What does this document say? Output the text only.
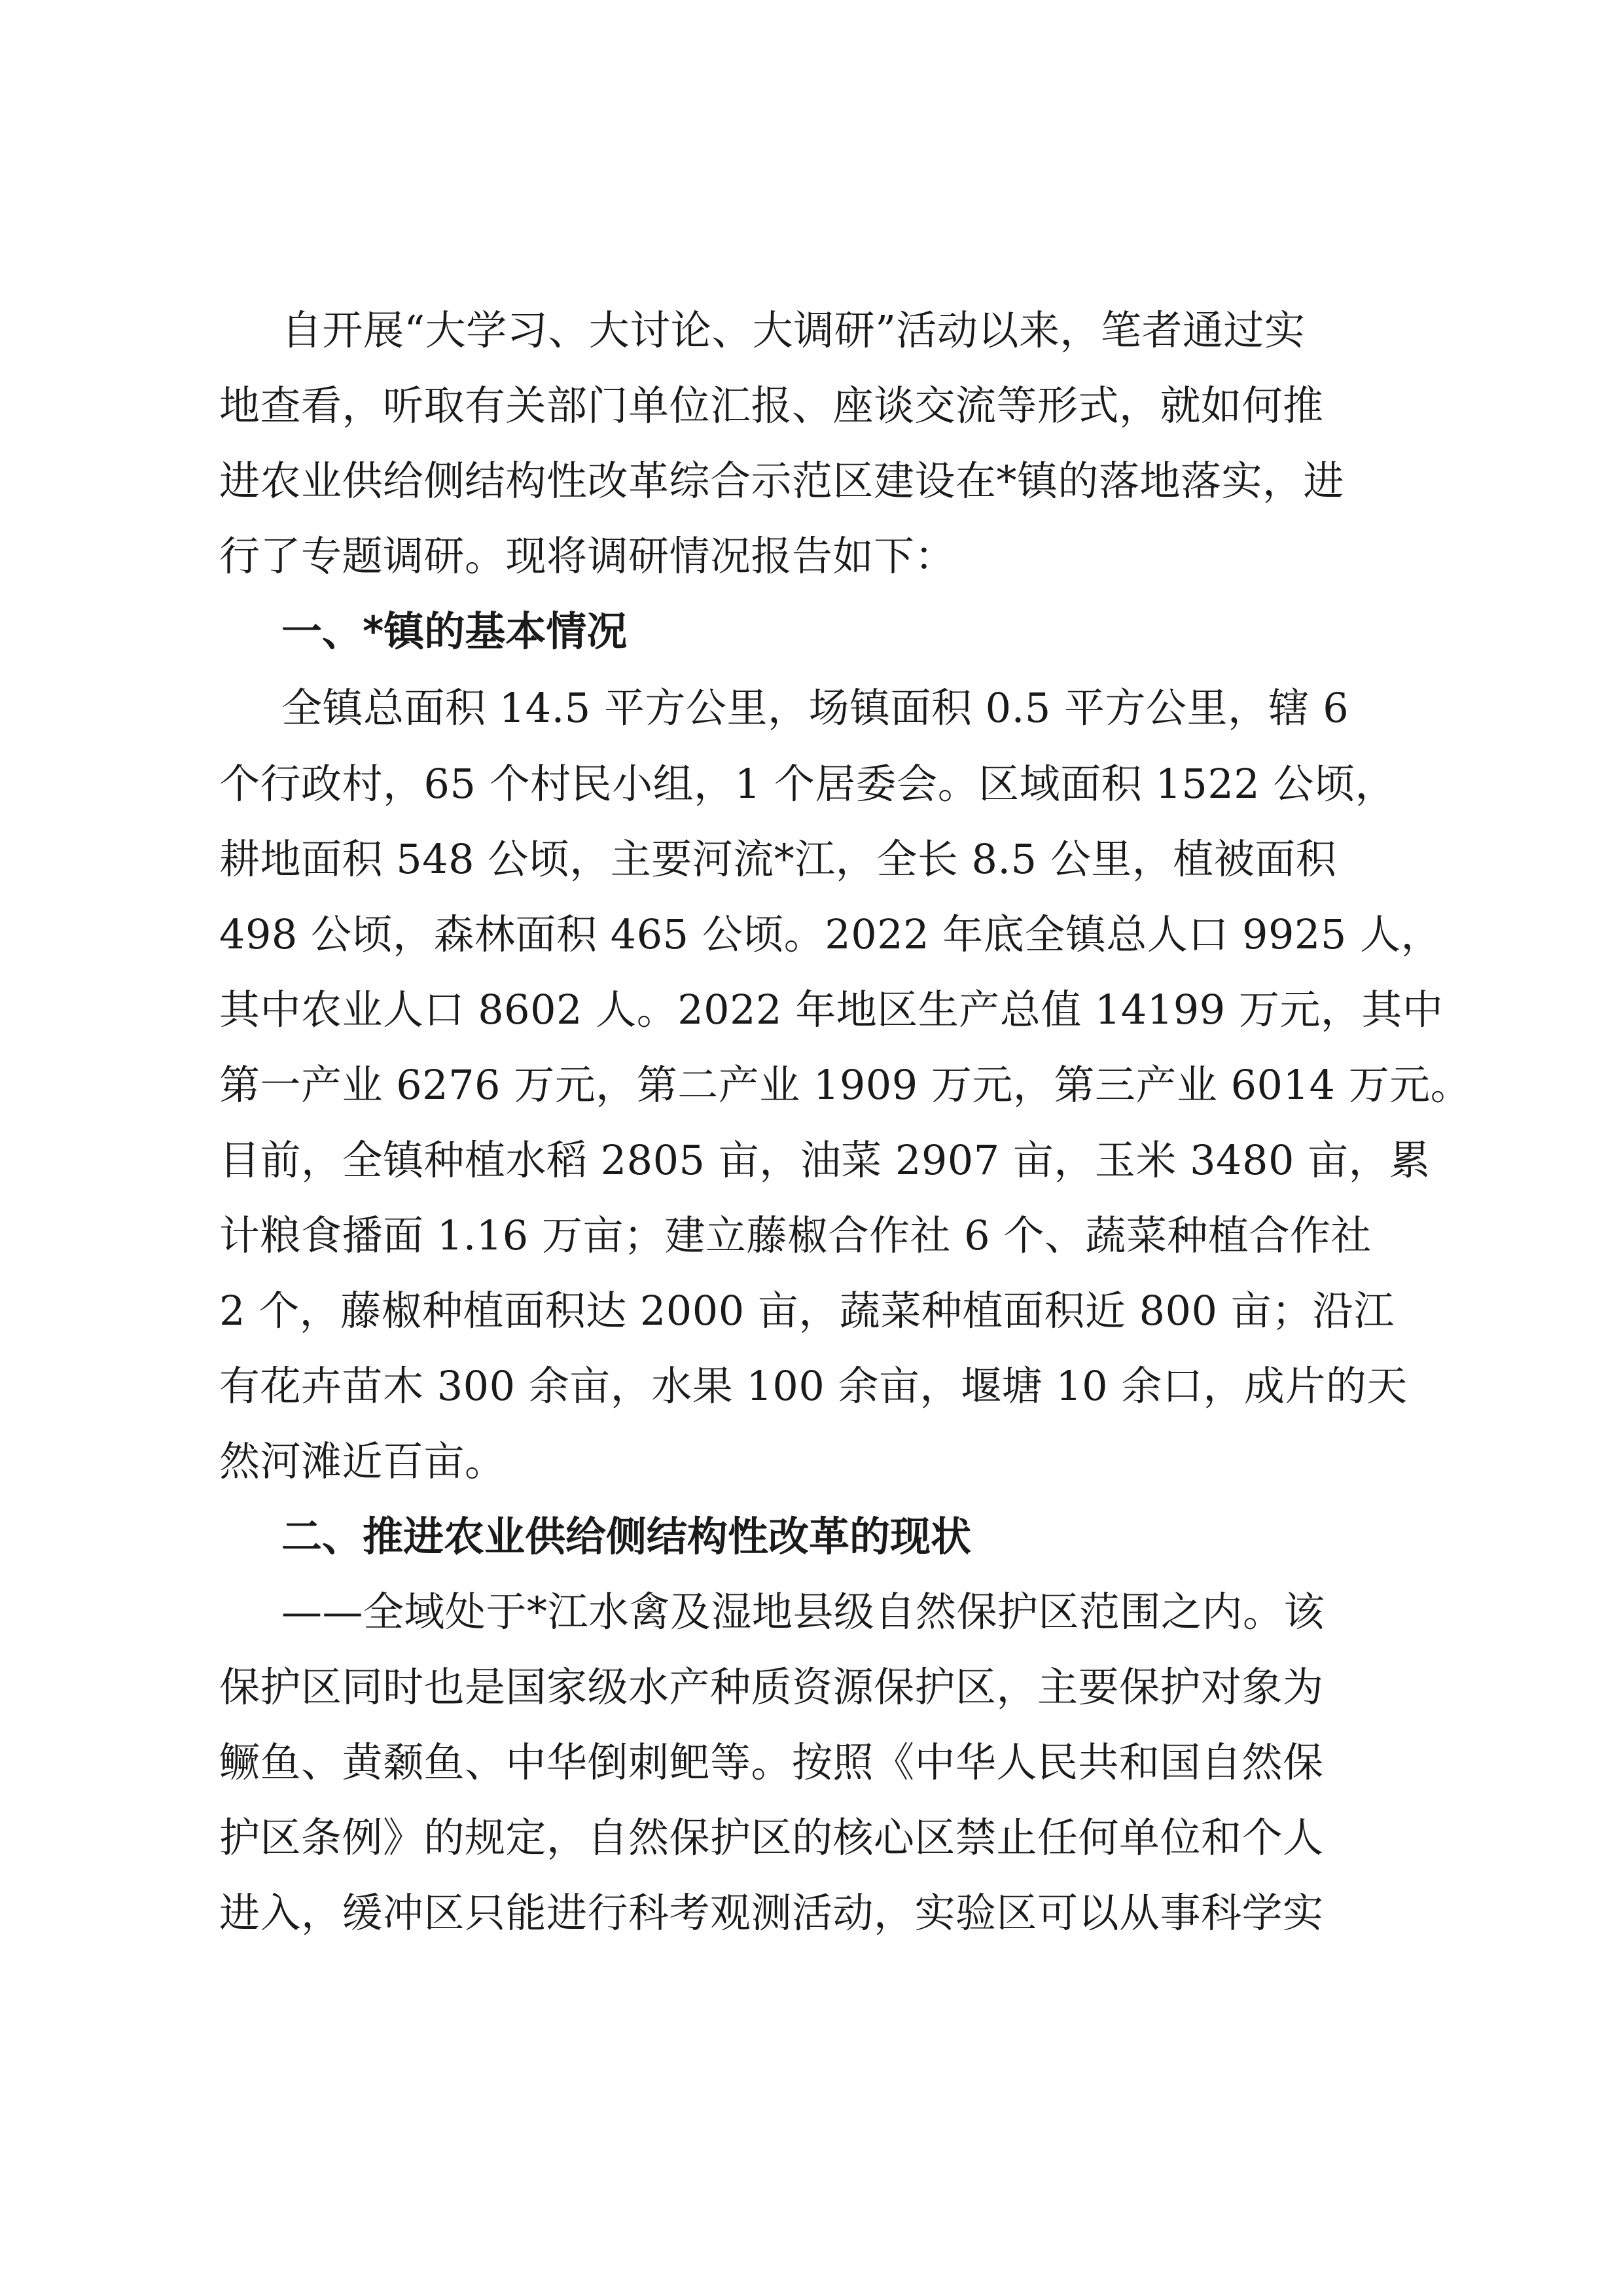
自开展“大学习、大讨论、大调研”活动以来，笔者通过实

地查看，听取有关部门单位汇报、座谈交流等形式，就如何推

进农业供给侧结构性改革综合示范区建设在*镇的落地落实，进

行了专题调研。现将调研情况报告如下：

一、*镇的基本情况

全镇总面积 14.5 平方公里，场镇面积 0.5 平方公里，辖 6

个行政村，65 个村民小组，1 个居委会。区域面积 1522 公顷，

耕地面积 548 公顷，主要河流*江，全长 8.5 公里，植被面积

498 公顷，森林面积 465 公顷。2022 年底全镇总人口 9925 人，

其中农业人口 8602 人。2022 年地区生产总值 14199 万元，其中

第一产业 6276 万元，第二产业 1909 万元，第三产业 6014 万元。

目前，全镇种植水稻 2805 亩，油菜 2907 亩，玉米 3480 亩，累

计粮食播面 1.16 万亩；建立藤椒合作社 6 个、蔬菜种植合作社

2 个，藤椒种植面积达 2000 亩，蔬菜种植面积近 800 亩；沿江

有花卉苗木 300 余亩，水果 100 余亩，堰塘 10 余口，成片的天

然河滩近百亩。

二、推进农业供给侧结构性改革的现状

——全域处于*江水禽及湿地县级自然保护区范围之内。该

保护区同时也是国家级水产种质资源保护区，主要保护对象为

鳜鱼、黄颡鱼、中华倒刺鲃等。按照《中华人民共和国自然保

护区条例》的规定，自然保护区的核心区禁止任何单位和个人

进入，缓冲区只能进行科考观测活动，实验区可以从事科学实
